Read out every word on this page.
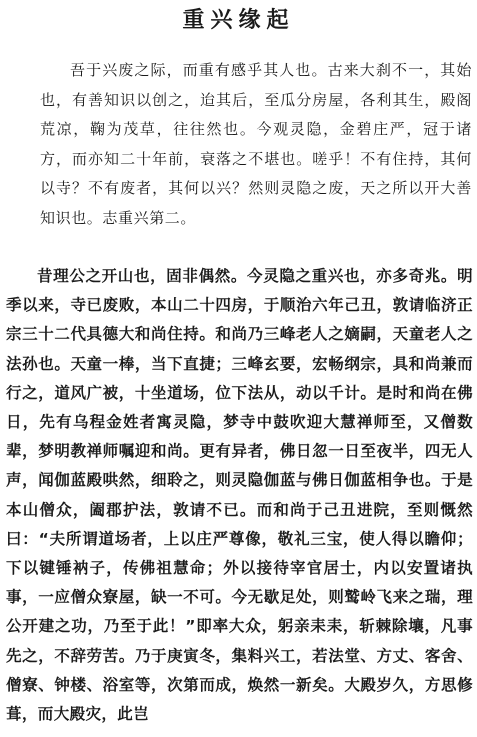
重兴缘起

吾于兴废之际，而重有感乎其人也。古来大刹不一，其始也，有善知识以创之，迨其后，至瓜分房屋，各利其生，殿阁荒凉，鞠为茂草，往往然也。今观灵隐，金碧庄严，冠于诸方，而亦知二十年前，衰落之不堪也。嗟乎！不有住持，其何以寺？不有废者，其何以兴？然则灵隐之废，天之所以开大善知识也。志重兴第二。

昔理公之开山也，固非偶然。今灵隐之重兴也，亦多奇兆。明季以来，寺已废败，本山二十四房，于顺治六年己丑，敦请临济正宗三十二代具德大和尚住持。和尚乃三峰老人之嫡嗣，天童老人之法孙也。天童一棒，当下直捷；三峰玄要，宏畅纲宗，具和尚兼而行之，道风广被，十坐道场，位下法从，动以千计。是时和尚在佛日，先有乌程金姓者寓灵隐，梦寺中鼓吹迎大慧禅师至，又僧数辈，梦明教禅师嘱迎和尚。更有异者，佛日忽一日至夜半，四无人声，闻伽蓝殿哄然，细聆之，则灵隐伽蓝与佛日伽蓝相争也。于是本山僧众，阖郡护法，敦请不已。而和尚于己丑进院，至则慨然曰：“夫所谓道场者，上以庄严尊像，敬礼三宝，使人得以瞻仰；下以键锤衲子，传佛祖慧命；外以接待宰官居士，内以安置诸执事，一应僧众寮屋，缺一不可。今无歇足处，则鹫岭飞来之瑞，理公开建之功，乃至于此！”即率大众，躬亲耒耒，斩棘除壤，凡事先之，不辞劳苦。乃于庚寅冬，集料兴工，若法堂、方丈、客舍、僧寮、钟楼、浴室等，次第而成，焕然一新矣。大殿岁久，方思修葺，而大殿灾，此岂
